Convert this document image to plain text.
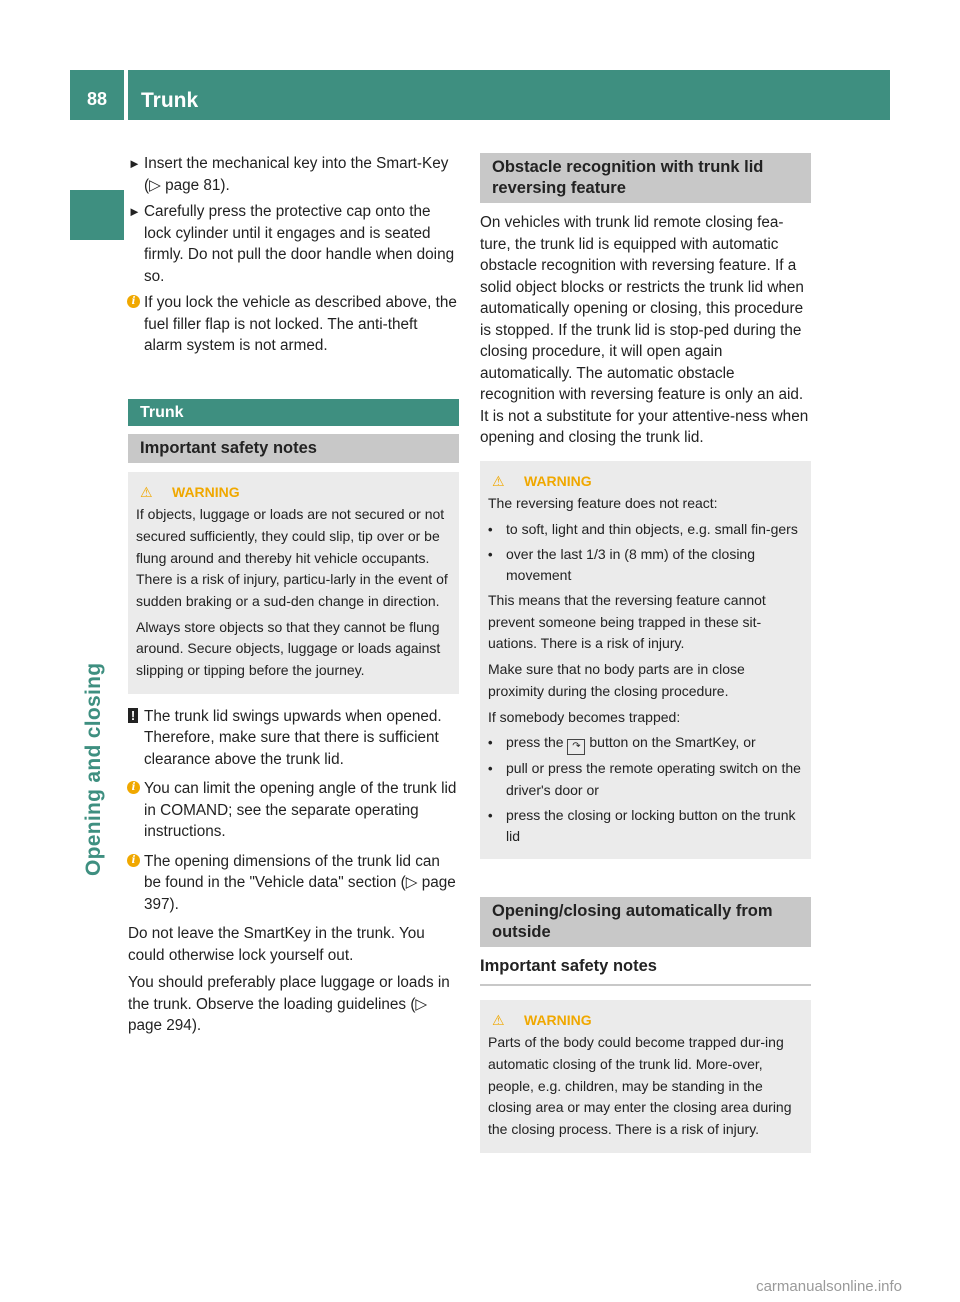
88	Trunk
Opening and closing
► Insert the mechanical key into the Smart-Key (▷ page 81).
► Carefully press the protective cap onto the lock cylinder until it engages and is seated firmly. Do not pull the door handle when doing so.
i If you lock the vehicle as described above, the fuel filler flap is not locked. The anti-theft alarm system is not armed.
Trunk
Important safety notes
⚠ WARNING

If objects, luggage or loads are not secured or not secured sufficiently, they could slip, tip over or be flung around and thereby hit vehicle occupants. There is a risk of injury, particu-larly in the event of sudden braking or a sud-den change in direction.

Always store objects so that they cannot be flung around. Secure objects, luggage or loads against slipping or tipping before the journey.

! The trunk lid swings upwards when opened. Therefore, make sure that there is sufficient clearance above the trunk lid.
i You can limit the opening angle of the trunk lid in COMAND; see the separate operating instructions.
i The opening dimensions of the trunk lid can be found in the "Vehicle data" section (▷ page 397).

Do not leave the SmartKey in the trunk. You could otherwise lock yourself out.

You should preferably place luggage or loads in the trunk. Observe the loading guidelines (▷ page 294).

Obstacle recognition with trunk lid reversing feature

On vehicles with trunk lid remote closing fea-ture, the trunk lid is equipped with automatic obstacle recognition with reversing feature. If a solid object blocks or restricts the trunk lid when automatically opening or closing, this procedure is stopped. If the trunk lid is stop-ped during the closing procedure, it will open again automatically. The automatic obstacle recognition with reversing feature is only an aid. It is not a substitute for your attentive-ness when opening and closing the trunk lid.

⚠ WARNING

The reversing feature does not react:

• to soft, light and thin objects, e.g. small fin-gers
• over the last 1/3 in (8 mm) of the closing movement

This means that the reversing feature cannot prevent someone being trapped in these sit-uations. There is a risk of injury.

Make sure that no body parts are in close proximity during the closing procedure.

If somebody becomes trapped:

• press the ↷ button on the SmartKey, or
• pull or press the remote operating switch on the driver's door or
• press the closing or locking button on the trunk lid
Opening/closing automatically from outside
Important safety notes
⚠ WARNING

Parts of the body could become trapped dur-ing automatic closing of the trunk lid. More-over, people, e.g. children, may be standing in the closing area or may enter the closing area during the closing process. There is a risk of injury.

carmanualsonline.info
